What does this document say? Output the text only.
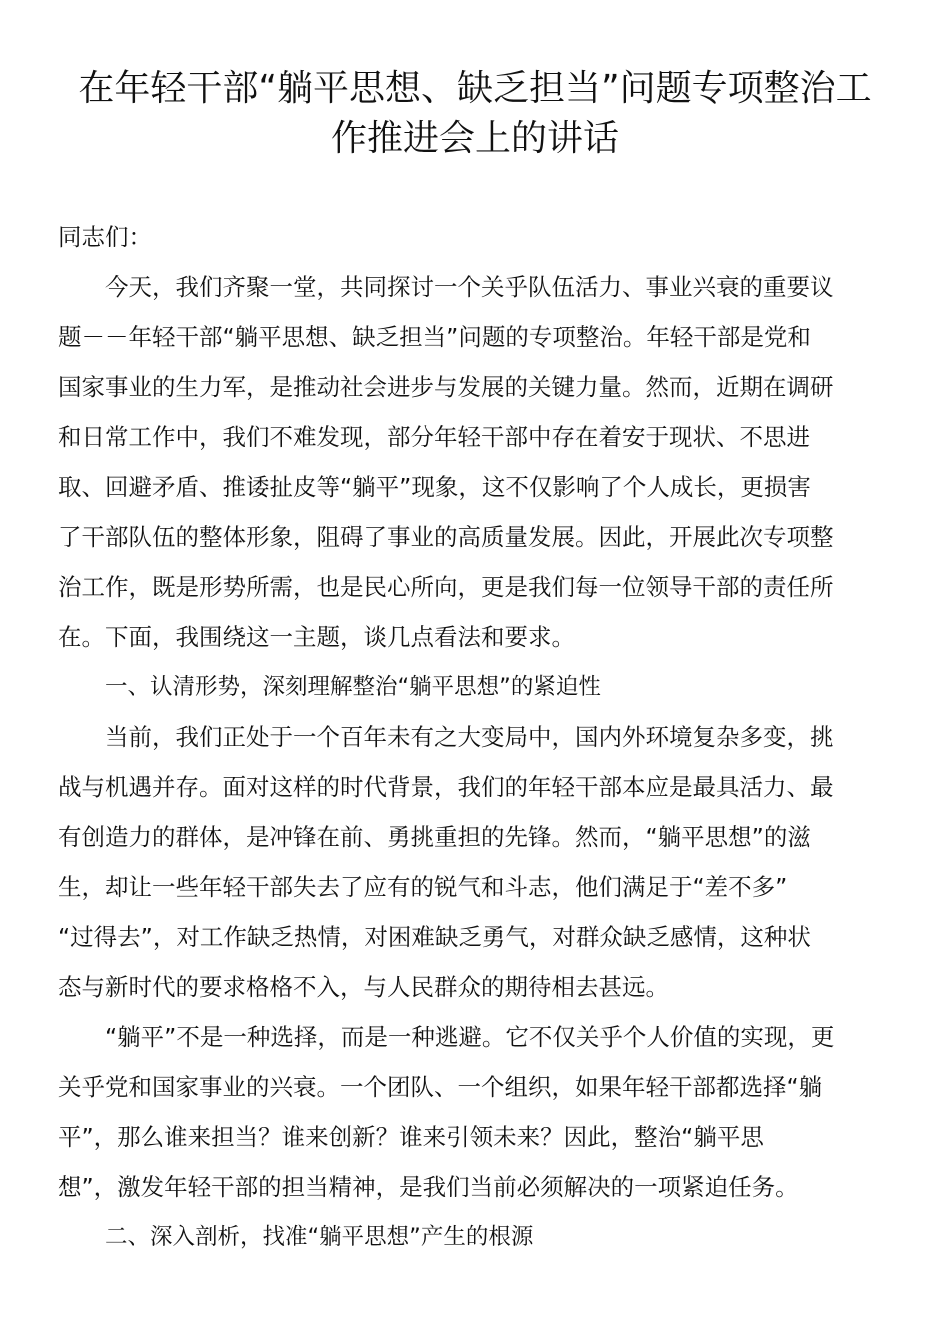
在年轻干部“躺平思想、缺乏担当”问题专项整治工
作推进会上的讲话
同志们：
今天，我们齐聚一堂，共同探讨一个关乎队伍活力、事业兴衰的重要议
题－－年轻干部“躺平思想、缺乏担当”问题的专项整治。年轻干部是党和
国家事业的生力军，是推动社会进步与发展的关键力量。然而，近期在调研
和日常工作中，我们不难发现，部分年轻干部中存在着安于现状、不思进
取、回避矛盾、推诿扯皮等“躺平”现象，这不仅影响了个人成长，更损害
了干部队伍的整体形象，阻碍了事业的高质量发展。因此，开展此次专项整
治工作，既是形势所需，也是民心所向，更是我们每一位领导干部的责任所
在。下面，我围绕这一主题，谈几点看法和要求。
一、认清形势，深刻理解整治“躺平思想”的紧迫性
当前，我们正处于一个百年未有之大变局中，国内外环境复杂多变，挑
战与机遇并存。面对这样的时代背景，我们的年轻干部本应是最具活力、最
有创造力的群体，是冲锋在前、勇挑重担的先锋。然而，“躺平思想”的滋
生，却让一些年轻干部失去了应有的锐气和斗志，他们满足于“差不多”
“过得去”，对工作缺乏热情，对困难缺乏勇气，对群众缺乏感情，这种状
态与新时代的要求格格不入，与人民群众的期待相去甚远。
“躺平”不是一种选择，而是一种逃避。它不仅关乎个人价值的实现，更
关乎党和国家事业的兴衰。一个团队、一个组织，如果年轻干部都选择“躺
平”，那么谁来担当？谁来创新？谁来引领未来？因此，整治“躺平思
想”，激发年轻干部的担当精神，是我们当前必须解决的一项紧迫任务。
二、深入剖析，找准“躺平思想”产生的根源
